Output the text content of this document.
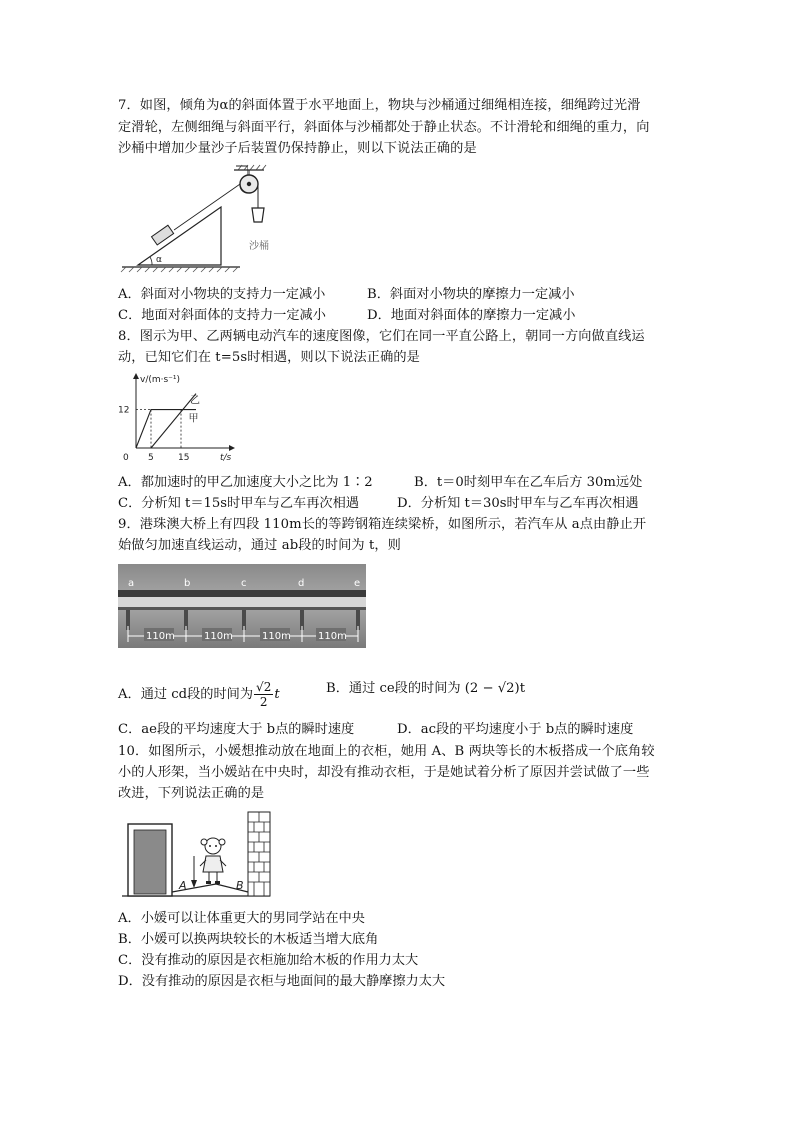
7．如图，倾角为α的斜面体置于水平地面上，物块与沙桶通过细绳相连接，细绳跨过光滑
定滑轮，左侧细绳与斜面平行，斜面体与沙桶都处于静止状态。不计滑轮和细绳的重力，向
沙桶中增加少量沙子后装置仍保持静止，则以下说法正确的是
α
沙桶
A．斜面对小物块的支持力一定减小	B．斜面对小物块的摩擦力一定减小
C．地面对斜面体的支持力一定减小	D．地面对斜面体的摩擦力一定减小
8．图示为甲、乙两辆电动汽车的速度图像，它们在同一平直公路上，朝同一方向做直线运
动，已知它们在 t=5s时相遇，则以下说法正确的是
甲
乙
5	15
12
v/(m·s⁻¹)
t/s
0
A．都加速时的甲乙加速度大小之比为 1∶2	B．t＝0时刻甲车在乙车后方 30m远处
C．分析知 t＝15s时甲车与乙车再次相遇	D．分析知 t＝30s时甲车与乙车再次相遇
9．港珠澳大桥上有四段 110m长的等跨钢箱连续梁桥，如图所示，若汽车从 a点由静止开
始做匀加速直线运动，通过 ab段的时间为 t，则
a	b	c	d	e
110m	110m	110m	110m
A．通过 cd段的时间为 $\frac{√2}{2}$ t	B．通过 ce段的时间为 (2 − √2)t
C．ae段的平均速度大于 b点的瞬时速度	D．ac段的平均速度小于 b点的瞬时速度
10．如图所示，小媛想推动放在地面上的衣柜，她用 A、B 两块等长的木板搭成一个底角较
小的人形架，当小媛站在中央时，却没有推动衣柜，于是她试着分析了原因并尝试做了一些
改进，下列说法正确的是
A	B
A．小媛可以让体重更大的男同学站在中央
B．小媛可以换两块较长的木板适当增大底角
C．没有推动的原因是衣柜施加给木板的作用力太大
D．没有推动的原因是衣柜与地面间的最大静摩擦力太大
